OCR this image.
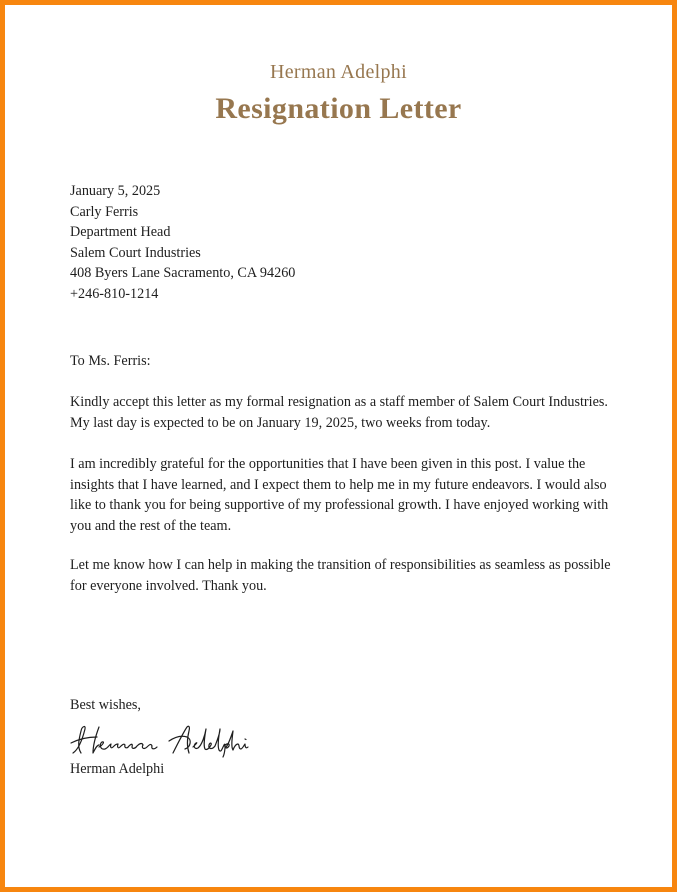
Herman Adelphi
Resignation Letter
January 5, 2025
Carly Ferris
Department Head
Salem Court Industries
408 Byers Lane Sacramento, CA 94260
+246-810-1214
To Ms. Ferris:

Kindly accept this letter as my formal resignation as a staff member of Salem Court Industries. My last day is expected to be on January 19, 2025, two weeks from today.

I am incredibly grateful for the opportunities that I have been given in this post. I value the insights that I have learned, and I expect them to help me in my future endeavors. I would also like to thank you for being supportive of my professional growth. I have enjoyed working with you and the rest of the team.

Let me know how I can help in making the transition of responsibilities as seamless as possible for everyone involved. Thank you.

Best wishes,
Herman Adelphi
